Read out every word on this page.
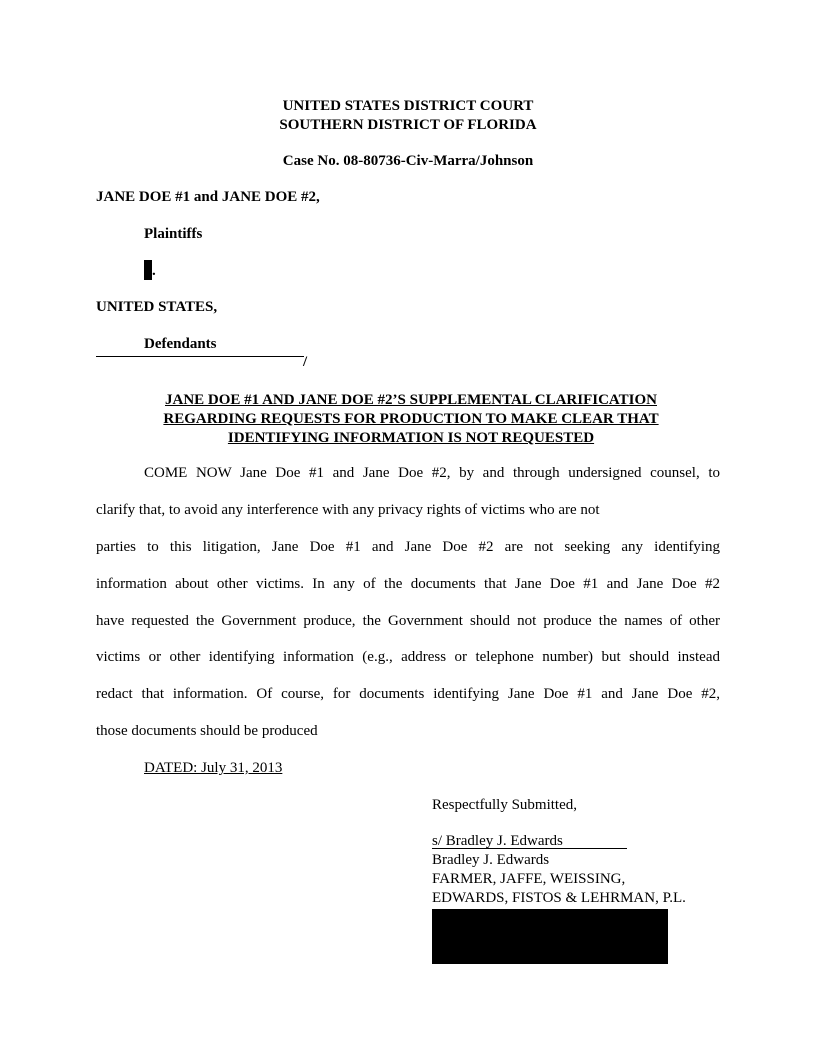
UNITED STATES DISTRICT COURT
SOUTHERN DISTRICT OF FLORIDA
Case No. 08-80736-Civ-Marra/Johnson
JANE DOE #1 and JANE DOE #2,
Plaintiffs
.
UNITED STATES,
Defendants
/
JANE DOE #1 AND JANE DOE #2’S SUPPLEMENTAL CLARIFICATION
REGARDING REQUESTS FOR PRODUCTION TO MAKE CLEAR THAT
IDENTIFYING INFORMATION IS NOT REQUESTED
COME NOW Jane Doe #1 and Jane Doe #2, by and through undersigned counsel, to
clarify that, to avoid any interference with any privacy rights of victims who are not
parties to this litigation, Jane Doe #1 and Jane Doe #2 are not seeking any identifying
information about other victims. In any of the documents that Jane Doe #1 and Jane Doe #2
have requested the Government produce, the Government should not produce the names of other
victims or other identifying information (e.g., address or telephone number) but should instead
redact that information. Of course, for documents identifying Jane Doe #1 and Jane Doe #2,
those documents should be produced
DATED: July 31, 2013
Respectfully Submitted,
s/ Bradley J. Edwards
Bradley J. Edwards
FARMER, JAFFE, WEISSING,
EDWARDS, FISTOS & LEHRMAN, P.L.
